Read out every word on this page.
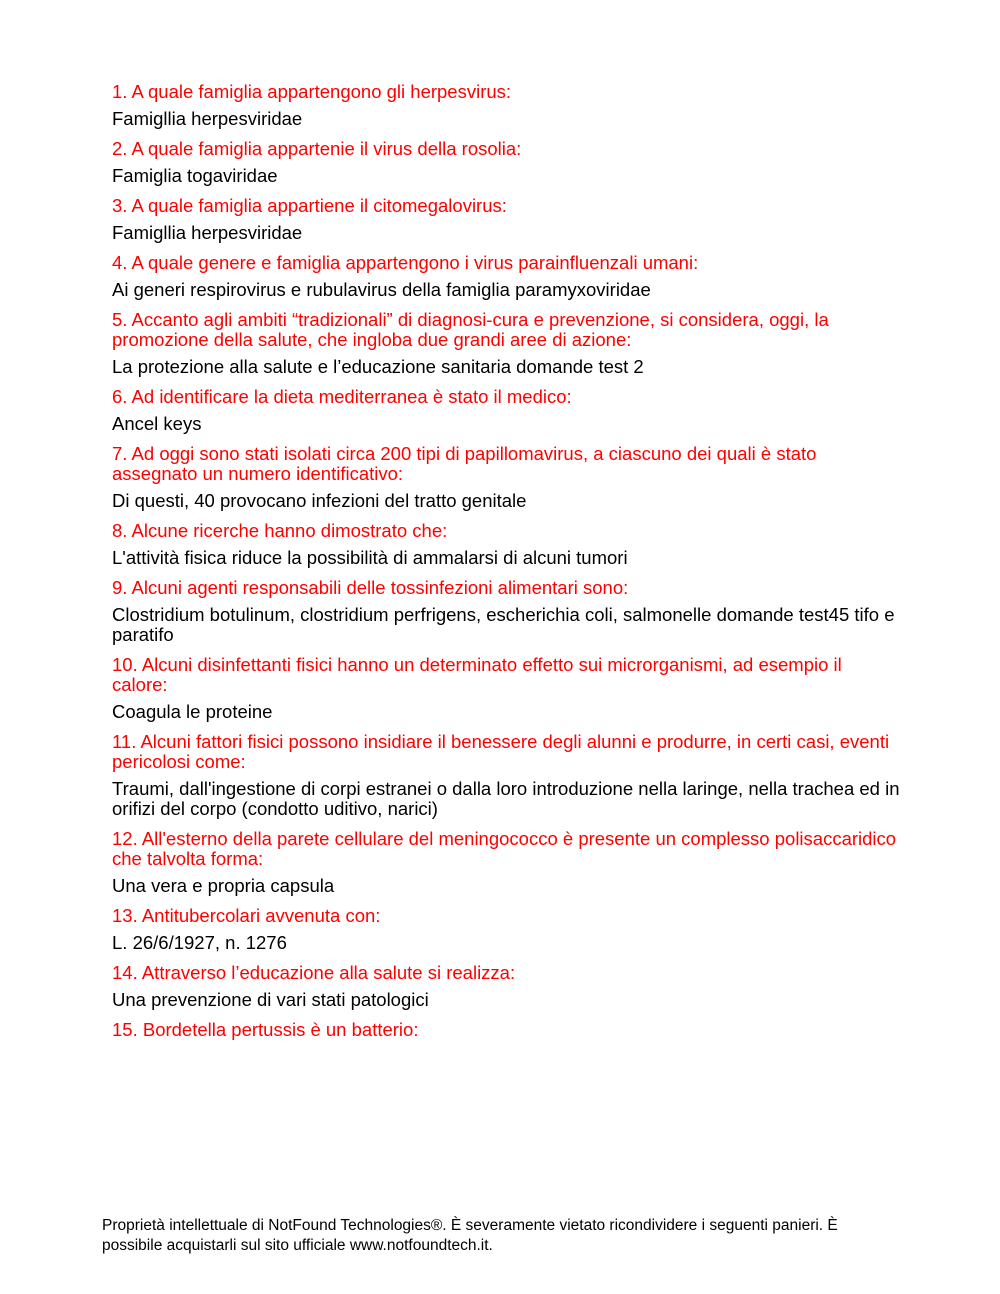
1. A quale famiglia appartengono gli herpesvirus:

Famigllia herpesviridae

2. A quale famiglia appartenie il virus della rosolia:

Famiglia togaviridae

3. A quale famiglia appartiene il citomegalovirus:

Famigllia herpesviridae

4. A quale genere e famiglia appartengono i virus parainfluenzali umani:

Ai generi respirovirus e rubulavirus della famiglia paramyxoviridae

5. Accanto agli ambiti “tradizionali” di diagnosi-cura e prevenzione, si considera, oggi, la promozione della salute, che ingloba due grandi aree di azione:

La protezione alla salute e l’educazione sanitaria domande test 2

6. Ad identificare la dieta mediterranea è stato il medico:

Ancel keys

7. Ad oggi sono stati isolati circa 200 tipi di papillomavirus, a ciascuno dei quali è stato assegnato un numero identificativo:

Di questi, 40 provocano infezioni del tratto genitale

8. Alcune ricerche hanno dimostrato che:

L'attività fisica riduce la possibilità di ammalarsi di alcuni tumori

9. Alcuni agenti responsabili delle tossinfezioni alimentari sono:

Clostridium botulinum, clostridium perfrigens, escherichia coli, salmonelle domande test45 tifo e paratifo

10. Alcuni disinfettanti fisici hanno un determinato effetto sui microrganismi, ad esempio il calore:

Coagula le proteine

11. Alcuni fattori fisici possono insidiare il benessere degli alunni e produrre, in certi casi, eventi pericolosi come:

Traumi, dall'ingestione di corpi estranei o dalla loro introduzione nella laringe, nella trachea ed in orifizi del corpo (condotto uditivo, narici)

12. All'esterno della parete cellulare del meningococco è presente un complesso polisaccaridico che talvolta forma:

Una vera e propria capsula

13. Antitubercolari avvenuta con:

L. 26/6/1927, n. 1276

14. Attraverso l’educazione alla salute si realizza:

Una prevenzione di vari stati patologici

15. Bordetella pertussis è un batterio:

Proprietà intellettuale di NotFound Technologies®. È severamente vietato ricondividere i seguenti panieri. È possibile acquistarli sul sito ufficiale www.notfoundtech.it.
